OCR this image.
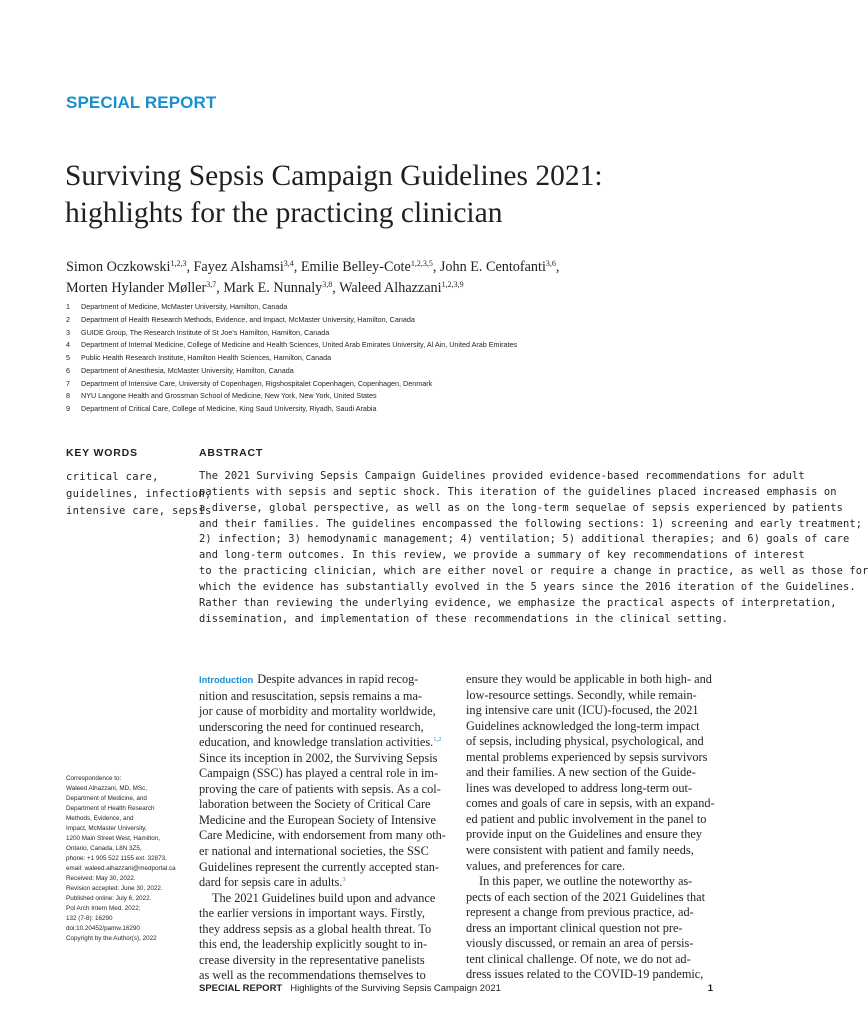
SPECIAL REPORT
Surviving Sepsis Campaign Guidelines 2021:
highlights for the practicing clinician
Simon Oczkowski$^{1,2,3}$, Fayez Alshamsi$^{3,4}$, Emilie Belley-Cote$^{1,2,3,5}$, John E. Centofanti$^{3,6}$,
Morten Hylander Møller$^{3,7}$, Mark E. Nunnaly$^{3,8}$, Waleed Alhazzani$^{1,2,3,9}$
1	Department of Medicine, McMaster University, Hamilton, Canada
2	Department of Health Research Methods, Evidence, and Impact, McMaster University, Hamilton, Canada
3	GUIDE Group, The Research Institute of St Joe’s Hamilton, Hamilton, Canada
4	Department of Internal Medicine, College of Medicine and Health Sciences, United Arab Emirates University, Al Ain, United Arab Emirates
5	Public Health Research Institute, Hamilton Health Sciences, Hamilton, Canada
6	Department of Anesthesia, McMaster University, Hamilton, Canada
7	Department of Intensive Care, University of Copenhagen, Rigshospitalet Copenhagen, Copenhagen, Denmark
8	NYU Langone Health and Grossman School of Medicine, New York, New York, United States
9	Department of Critical Care, College of Medicine, King Saud University, Riyadh, Saudi Arabia
KEY WORDS
critical care,
guidelines, infection,
intensive care, sepsis
ABSTRACT
The 2021 Surviving Sepsis Campaign Guidelines provided evidence-based recommendations for adult
patients with sepsis and septic shock. This iteration of the guidelines placed increased emphasis on
a diverse, global perspective, as well as on the long-term sequelae of sepsis experienced by patients
and their families. The guidelines encompassed the following sections: 1) screening and early treatment;
2) infection; 3) hemodynamic management; 4) ventilation; 5) additional therapies; and 6) goals of care
and long-term outcomes. In this review, we provide a summary of key recommendations of interest
to the practicing clinician, which are either novel or require a change in practice, as well as those for
which the evidence has substantially evolved in the 5 years since the 2016 iteration of the Guidelines.
Rather than reviewing the underlying evidence, we emphasize the practical aspects of interpretation,
dissemination, and implementation of these recommendations in the clinical setting.
Introduction Despite advances in rapid recog-
nition and resuscitation, sepsis remains a ma-
jor cause of morbidity and mortality worldwide,
underscoring the need for continued research,
education, and knowledge translation activities.$^{1,2}$
Since its inception in 2002, the Surviving Sepsis
Campaign (SSC) has played a central role in im-
proving the care of patients with sepsis. As a col-
laboration between the Society of Critical Care
Medicine and the European Society of Intensive
Care Medicine, with endorsement from many oth-
er national and international societies, the SSC
Guidelines represent the currently accepted stan-
dard for sepsis care in adults.$^3$
The 2021 Guidelines build upon and advance
the earlier versions in important ways. Firstly,
they address sepsis as a global health threat. To
this end, the leadership explicitly sought to in-
crease diversity in the representative panelists
as well as the recommendations themselves to
ensure they would be applicable in both high- and
low-resource settings. Secondly, while remain-
ing intensive care unit (ICU)-focused, the 2021
Guidelines acknowledged the long-term impact
of sepsis, including physical, psychological, and
mental problems experienced by sepsis survivors
and their families. A new section of the Guide-
lines was developed to address long-term out-
comes and goals of care in sepsis, with an expand-
ed patient and public involvement in the panel to
provide input on the Guidelines and ensure they
were consistent with patient and family needs,
values, and preferences for care.
In this paper, we outline the noteworthy as-
pects of each section of the 2021 Guidelines that
represent a change from previous practice, ad-
dress an important clinical question not pre-
viously discussed, or remain an area of persis-
tent clinical challenge. Of note, we do not ad-
dress issues related to the COVID-19 pandemic,
Correspondence to:
Waleed Alhazzani, MD, MSc,
Department of Medicine, and
Department of Health Research
Methods, Evidence, and
Impact, McMaster University,
1200 Main Street West, Hamilton,
Ontario, Canada, L8N 3Z5,
phone: +1 905 522 1155 ext. 32873,
email: waleed.alhazzani@medportal.ca
Received: May 30, 2022.
Revision accepted: June 30, 2022.
Published online: July 6, 2022.
Pol Arch Intern Med. 2022;
132 (7-8): 16290
doi:10.20452/pamw.16290
Copyright by the Author(s), 2022
SPECIAL REPORT Highlights of the Surviving Sepsis Campaign 2021	1
